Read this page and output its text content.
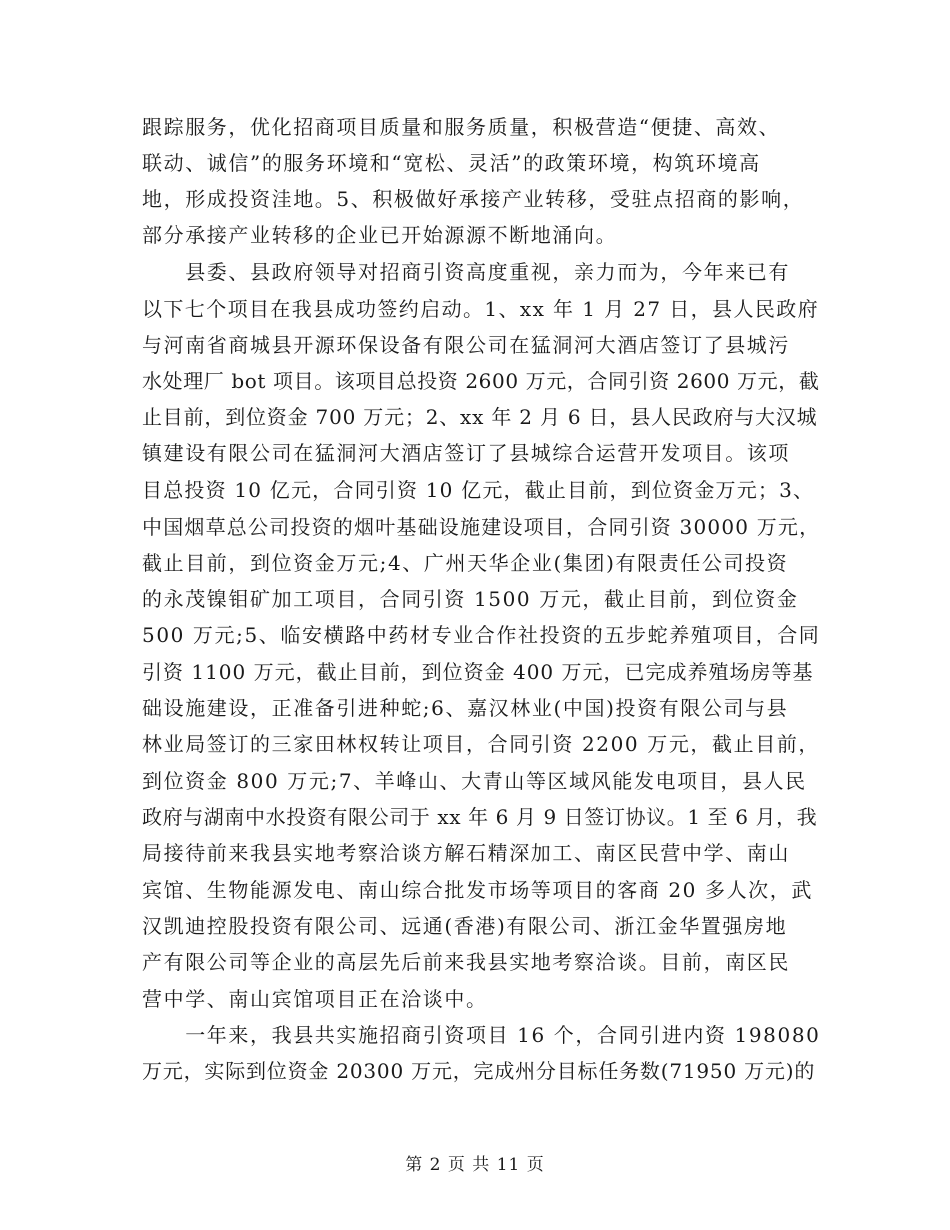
跟踪服务，优化招商项目质量和服务质量，积极营造“便捷、高效、
联动、诚信”的服务环境和“宽松、灵活”的政策环境，构筑环境高
地，形成投资洼地。5、积极做好承接产业转移，受驻点招商的影响，
部分承接产业转移的企业已开始源源不断地涌向。
　　县委、县政府领导对招商引资高度重视，亲力而为，今年来已有
以下七个项目在我县成功签约启动。1、xx 年 1 月 27 日，县人民政府
与河南省商城县开源环保设备有限公司在猛洞河大酒店签订了县城污
水处理厂 bot 项目。该项目总投资 2600 万元，合同引资 2600 万元，截
止目前，到位资金 700 万元；2、xx 年 2 月 6 日，县人民政府与大汉城
镇建设有限公司在猛洞河大酒店签订了县城综合运营开发项目。该项
目总投资 10 亿元，合同引资 10 亿元，截止目前，到位资金万元；3、
中国烟草总公司投资的烟叶基础设施建设项目，合同引资 30000 万元，
截止目前，到位资金万元;4、广州天华企业(集团)有限责任公司投资
的永茂镍钼矿加工项目，合同引资 1500 万元，截止目前，到位资金
500 万元;5、临安横路中药材专业合作社投资的五步蛇养殖项目，合同
引资 1100 万元，截止目前，到位资金 400 万元，已完成养殖场房等基
础设施建设，正准备引进种蛇;6、嘉汉林业(中国)投资有限公司与县
林业局签订的三家田林权转让项目，合同引资 2200 万元，截止目前，
到位资金 800 万元;7、羊峰山、大青山等区域风能发电项目，县人民
政府与湖南中水投资有限公司于 xx 年 6 月 9 日签订协议。1 至 6 月，我
局接待前来我县实地考察洽谈方解石精深加工、南区民营中学、南山
宾馆、生物能源发电、南山综合批发市场等项目的客商 20 多人次，武
汉凯迪控股投资有限公司、远通(香港)有限公司、浙江金华置强房地
产有限公司等企业的高层先后前来我县实地考察洽谈。目前，南区民
营中学、南山宾馆项目正在洽谈中。
　　一年来，我县共实施招商引资项目 16 个，合同引进内资 198080
万元，实际到位资金 20300 万元，完成州分目标任务数(71950 万元)的
第 2 页 共 11 页
